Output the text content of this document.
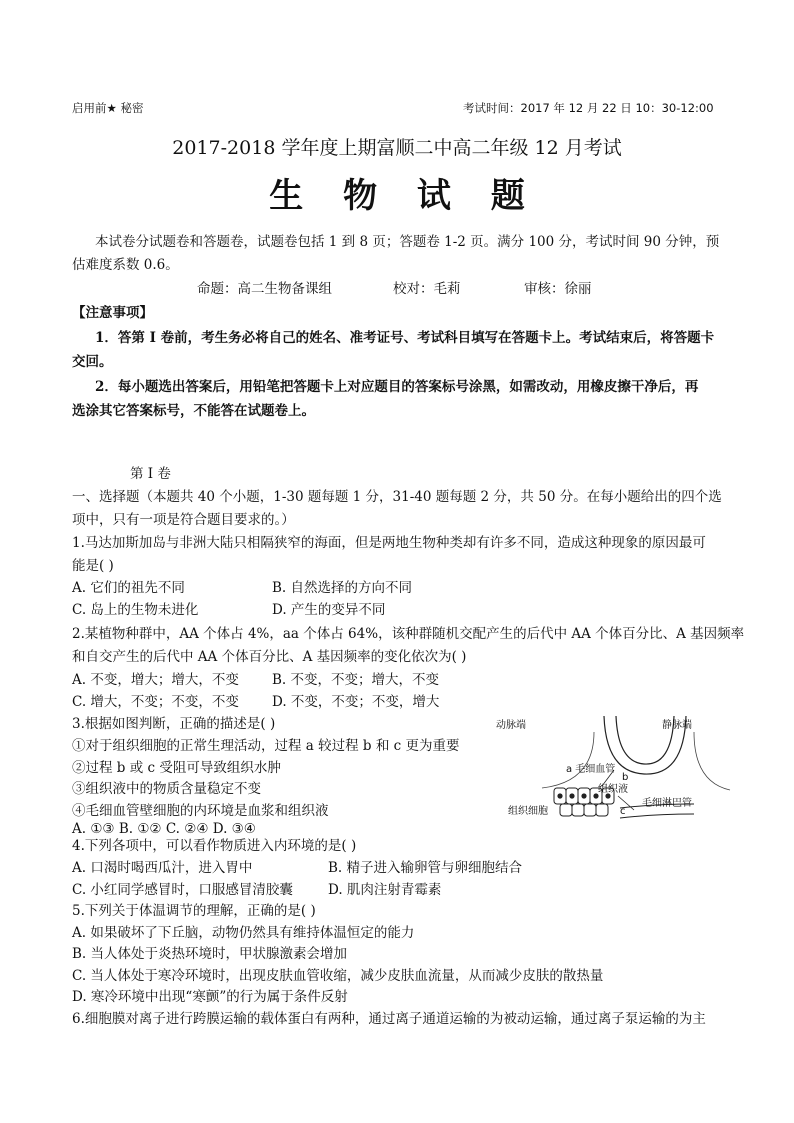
启用前★ 秘密	考试时间：2017 年 12 月 22 日 10：30-12:00
2017-2018 学年度上期富顺二中高二年级 12 月考试
生 物 试 题
本试卷分试题卷和答题卷，试题卷包括 1 到 8 页；答题卷 1-2 页。满分 100 分，考试时间 90 分钟，预
估难度系数 0.6。
命题：高二生物备课组	校对：毛莉	审核：徐丽
【注意事项】
1．答第 I 卷前，考生务必将自己的姓名、准考证号、考试科目填写在答题卡上。考试结束后，将答题卡
交回。
2．每小题选出答案后，用铅笔把答题卡上对应题目的答案标号涂黑，如需改动，用橡皮擦干净后，再
选涂其它答案标号，不能答在试题卷上。
第 I 卷
一、选择题（本题共 40 个小题，1-30 题每题 1 分，31-40 题每题 2 分，共 50 分。在每小题给出的四个选
项中，只有一项是符合题目要求的。）
1.马达加斯加岛与非洲大陆只相隔狭窄的海面，但是两地生物种类却有许多不同，造成这种现象的原因最可
能是( )
A. 它们的祖先不同	B. 自然选择的方向不同
C. 岛上的生物未进化	D. 产生的变异不同
2.某植物种群中，AA 个体占 4%，aa 个体占 64%，该种群随机交配产生的后代中 AA 个体百分比、A 基因频率
和自交产生的后代中 AA 个体百分比、A 基因频率的变化依次为( )
A. 不变，增大；增大，不变 B. 不变，不变；增大，不变
C. 增大，不变；不变，不变 D. 不变，不变；不变，增大
3.根据如图判断，正确的描述是( )
①对于组织细胞的正常生理活动，过程 a 较过程 b 和 c 更为重要
②过程 b 或 c 受阻可导致组织水肿
③组织液中的物质含量稳定不变
④毛细血管壁细胞的内环境是血浆和组织液
A. ①③ B. ①② C. ②④ D. ③④
动脉端	静脉端
a 毛细血管
b
组织液
组织细胞	c
毛细淋巴管
4.下列各项中，可以看作物质进入内环境的是( )
A. 口渴时喝西瓜汁，进入胃中	B. 精子进入输卵管与卵细胞结合
C. 小红同学感冒时，口服感冒清胶囊	D. 肌肉注射青霉素
5.下列关于体温调节的理解，正确的是( )
A. 如果破坏了下丘脑，动物仍然具有维持体温恒定的能力
B. 当人体处于炎热环境时，甲状腺激素会增加
C. 当人体处于寒冷环境时，出现皮肤血管收缩，减少皮肤血流量，从而减少皮肤的散热量
D. 寒冷环境中出现“寒颤”的行为属于条件反射
6.细胞膜对离子进行跨膜运输的载体蛋白有两种，通过离子通道运输的为被动运输，通过离子泵运输的为主
